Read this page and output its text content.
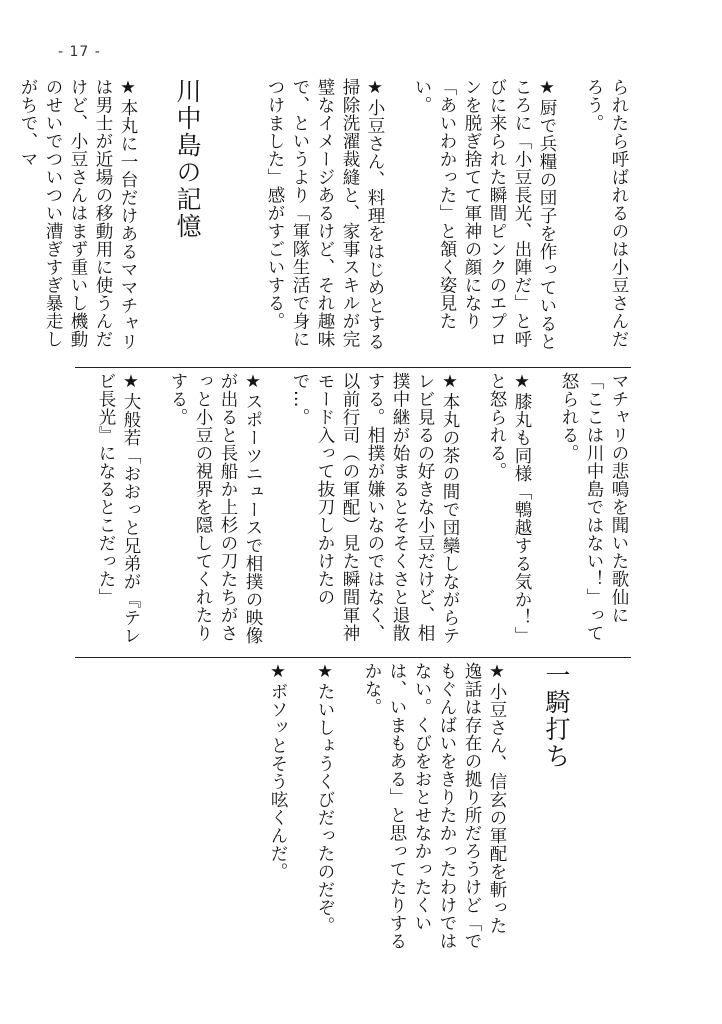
- 17 -

られたら呼ばれるのは小豆さんだろう。

★厨で兵糧の団子を作っているところに「小豆長光、出陣だ」と呼びに来られた瞬間ピンクのエプロンを脱ぎ捨てて軍神の顔になり「あいわかった」と頷く姿見たい。

★小豆さん、料理をはじめとする掃除洗濯裁縫と、家事スキルが完璧なイメージあるけど、それ趣味で、というより「軍隊生活で身につけました」感がすごいする。

川中島の記憶

★本丸に一台だけあるママチャリは男士が近場の移動用に使うんだけど、小豆さんはまず重いし機動のせいでついつい漕ぎすぎ暴走しがちで、マ

マチャリの悲鳴を聞いた歌仙に「ここは川中島ではない！」って怒られる。

★膝丸も同様「鵯越する気か！」と怒られる。

★本丸の茶の間で団欒しながらテレビ見るの好きな小豆だけど、相撲中継が始まるとそそくさと退散する。相撲が嫌いなのではなく、以前行司（の軍配）見た瞬間軍神モード入って抜刀しかけたので…。

★スポーツニュースで相撲の映像が出ると長船か上杉の刀たちがさっと小豆の視界を隠してくれたりする。

★大般若「おおっと兄弟が『テレビ長光』になるとこだった」

一騎打ち

★小豆さん、信玄の軍配を斬った逸話は存在の拠り所だろうけど「でもぐんばいをきりたかったわけではない。くびをおとせなかったくいは、いまもある」と思ってたりするかな。

★たいしょうくびだったのだぞ。

★ボソッとそう呟くんだ。
